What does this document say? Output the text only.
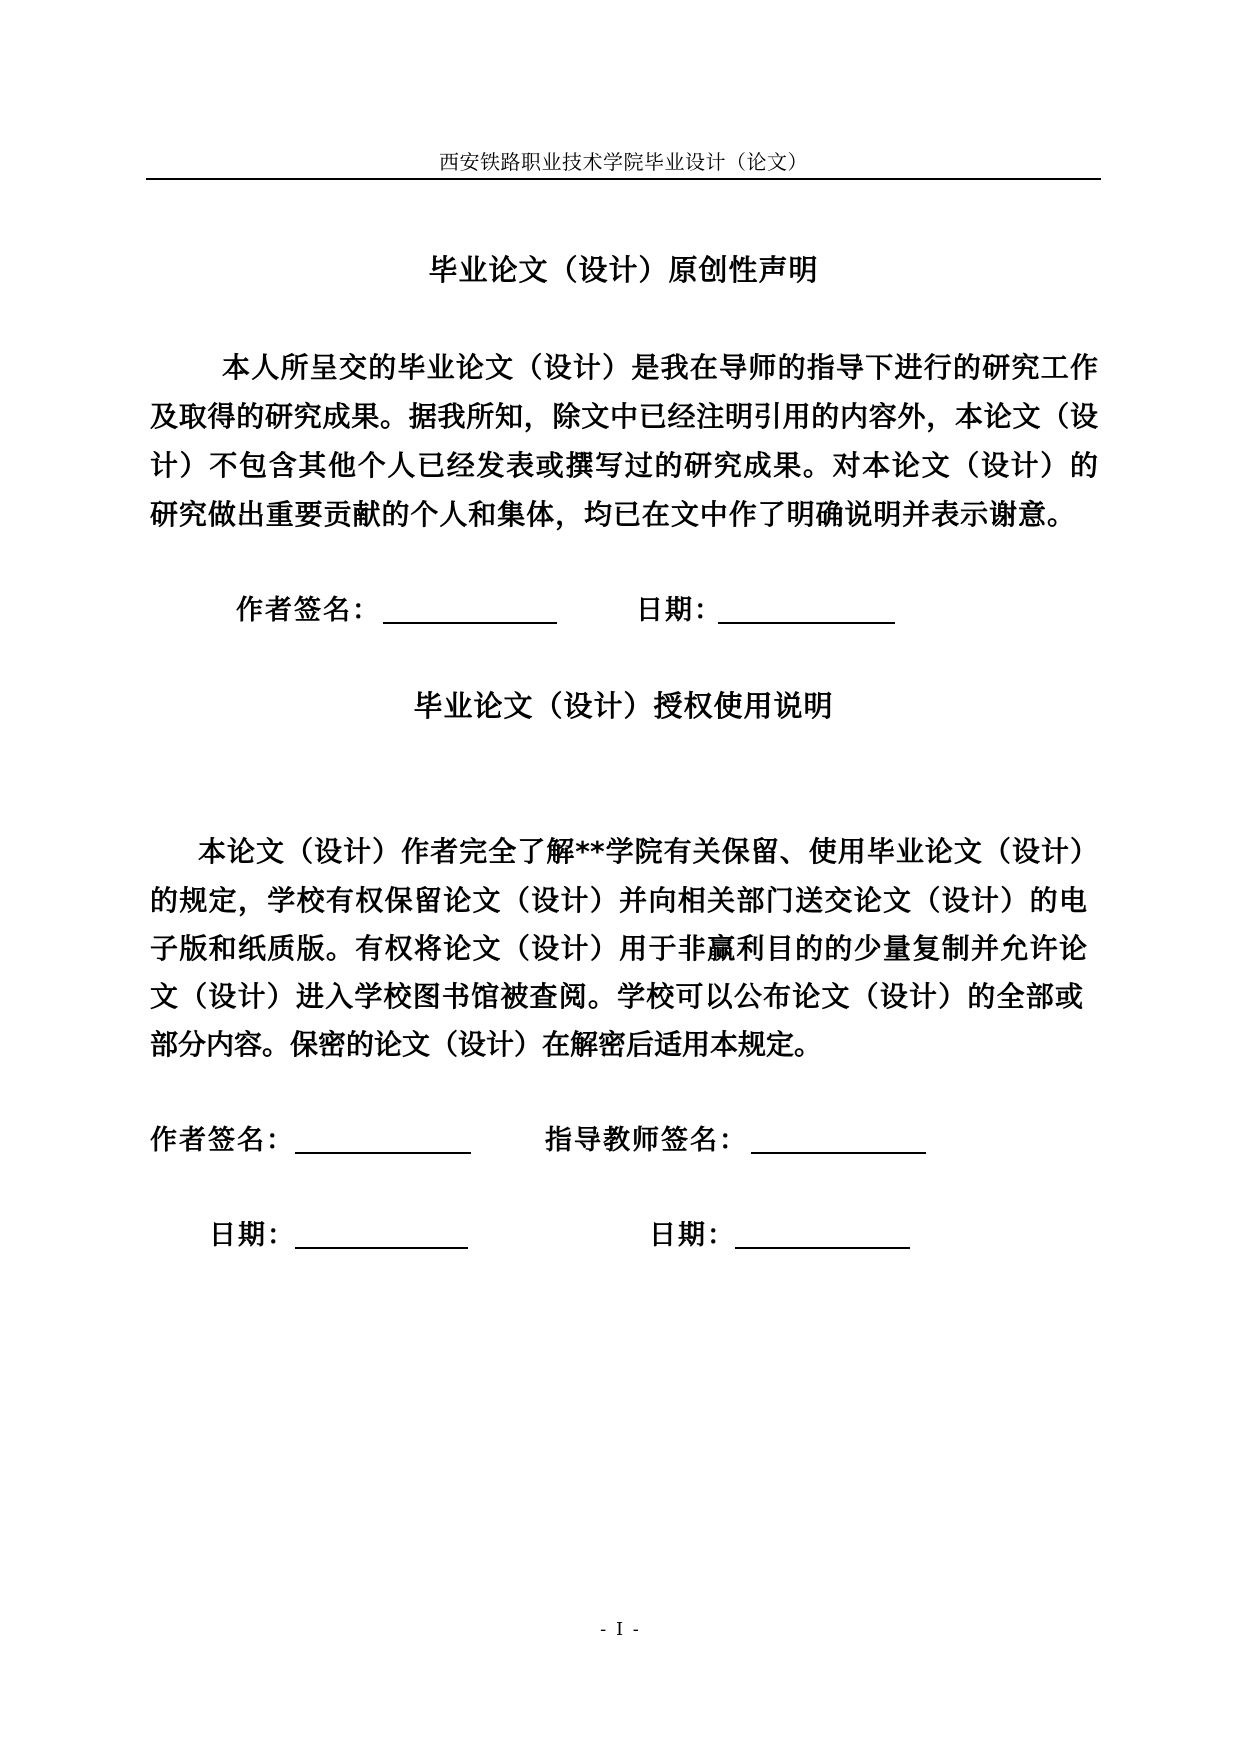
西安铁路职业技术学院毕业设计（论文）
毕业论文（设计）原创性声明
本人所呈交的毕业论文（设计）是我在导师的指导下进行的研究工作
及取得的研究成果。据我所知，除文中已经注明引用的内容外，本论文（设
计）不包含其他个人已经发表或撰写过的研究成果。对本论文（设计）的
研究做出重要贡献的个人和集体，均已在文中作了明确说明并表示谢意。
作者签名：	日期：
毕业论文（设计）授权使用说明
本论文（设计）作者完全了解**学院有关保留、使用毕业论文（设计）
的规定，学校有权保留论文（设计）并向相关部门送交论文（设计）的电
子版和纸质版。有权将论文（设计）用于非赢利目的的少量复制并允许论
文（设计）进入学校图书馆被查阅。学校可以公布论文（设计）的全部或
部分内容。保密的论文（设计）在解密后适用本规定。
作者签名：	指导教师签名：
日期：	日期：
- I -
